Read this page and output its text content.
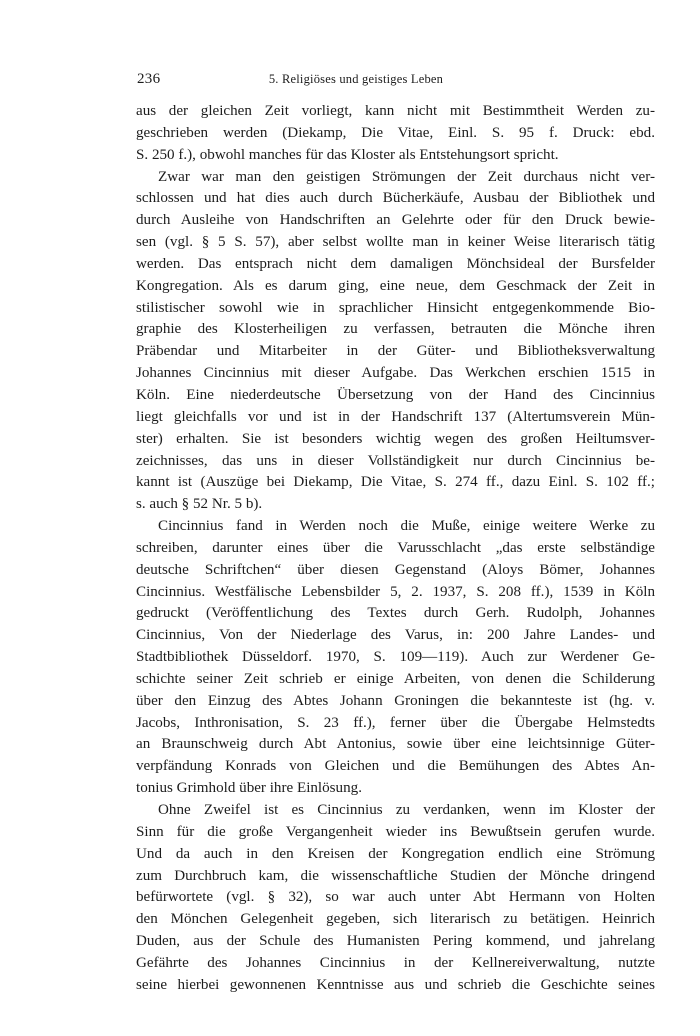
236	5. Religiöses und geistiges Leben
aus der gleichen Zeit vorliegt, kann nicht mit Bestimmtheit Werden zu-
geschrieben werden (Diekamp, Die Vitae, Einl. S. 95 f. Druck: ebd.
S. 250 f.), obwohl manches für das Kloster als Entstehungsort spricht.
Zwar war man den geistigen Strömungen der Zeit durchaus nicht ver-
schlossen und hat dies auch durch Bücherkäufe, Ausbau der Bibliothek und
durch Ausleihe von Handschriften an Gelehrte oder für den Druck bewie-
sen (vgl. § 5 S. 57), aber selbst wollte man in keiner Weise literarisch tätig
werden. Das entsprach nicht dem damaligen Mönchsideal der Bursfelder
Kongregation. Als es darum ging, eine neue, dem Geschmack der Zeit in
stilistischer sowohl wie in sprachlicher Hinsicht entgegenkommende Bio-
graphie des Klosterheiligen zu verfassen, betrauten die Mönche ihren
Präbendar und Mitarbeiter in der Güter- und Bibliotheksverwaltung
Johannes Cincinnius mit dieser Aufgabe. Das Werkchen erschien 1515 in
Köln. Eine niederdeutsche Übersetzung von der Hand des Cincinnius
liegt gleichfalls vor und ist in der Handschrift 137 (Altertumsverein Mün-
ster) erhalten. Sie ist besonders wichtig wegen des großen Heiltumsver-
zeichnisses, das uns in dieser Vollständigkeit nur durch Cincinnius be-
kannt ist (Auszüge bei Diekamp, Die Vitae, S. 274 ff., dazu Einl. S. 102 ff.;
s. auch § 52 Nr. 5 b).
Cincinnius fand in Werden noch die Muße, einige weitere Werke zu
schreiben, darunter eines über die Varusschlacht „das erste selbständige
deutsche Schriftchen“ über diesen Gegenstand (Aloys Bömer, Johannes
Cincinnius. Westfälische Lebensbilder 5, 2. 1937, S. 208 ff.), 1539 in Köln
gedruckt (Veröffentlichung des Textes durch Gerh. Rudolph, Johannes
Cincinnius, Von der Niederlage des Varus, in: 200 Jahre Landes- und
Stadtbibliothek Düsseldorf. 1970, S. 109—119). Auch zur Werdener Ge-
schichte seiner Zeit schrieb er einige Arbeiten, von denen die Schilderung
über den Einzug des Abtes Johann Groningen die bekannteste ist (hg. v.
Jacobs, Inthronisation, S. 23 ff.), ferner über die Übergabe Helmstedts
an Braunschweig durch Abt Antonius, sowie über eine leichtsinnige Güter-
verpfändung Konrads von Gleichen und die Bemühungen des Abtes An-
tonius Grimhold über ihre Einlösung.
Ohne Zweifel ist es Cincinnius zu verdanken, wenn im Kloster der
Sinn für die große Vergangenheit wieder ins Bewußtsein gerufen wurde.
Und da auch in den Kreisen der Kongregation endlich eine Strömung
zum Durchbruch kam, die wissenschaftliche Studien der Mönche dringend
befürwortete (vgl. § 32), so war auch unter Abt Hermann von Holten
den Mönchen Gelegenheit gegeben, sich literarisch zu betätigen. Heinrich
Duden, aus der Schule des Humanisten Pering kommend, und jahrelang
Gefährte des Johannes Cincinnius in der Kellnereiverwaltung, nutzte
seine hierbei gewonnenen Kenntnisse aus und schrieb die Geschichte seines
